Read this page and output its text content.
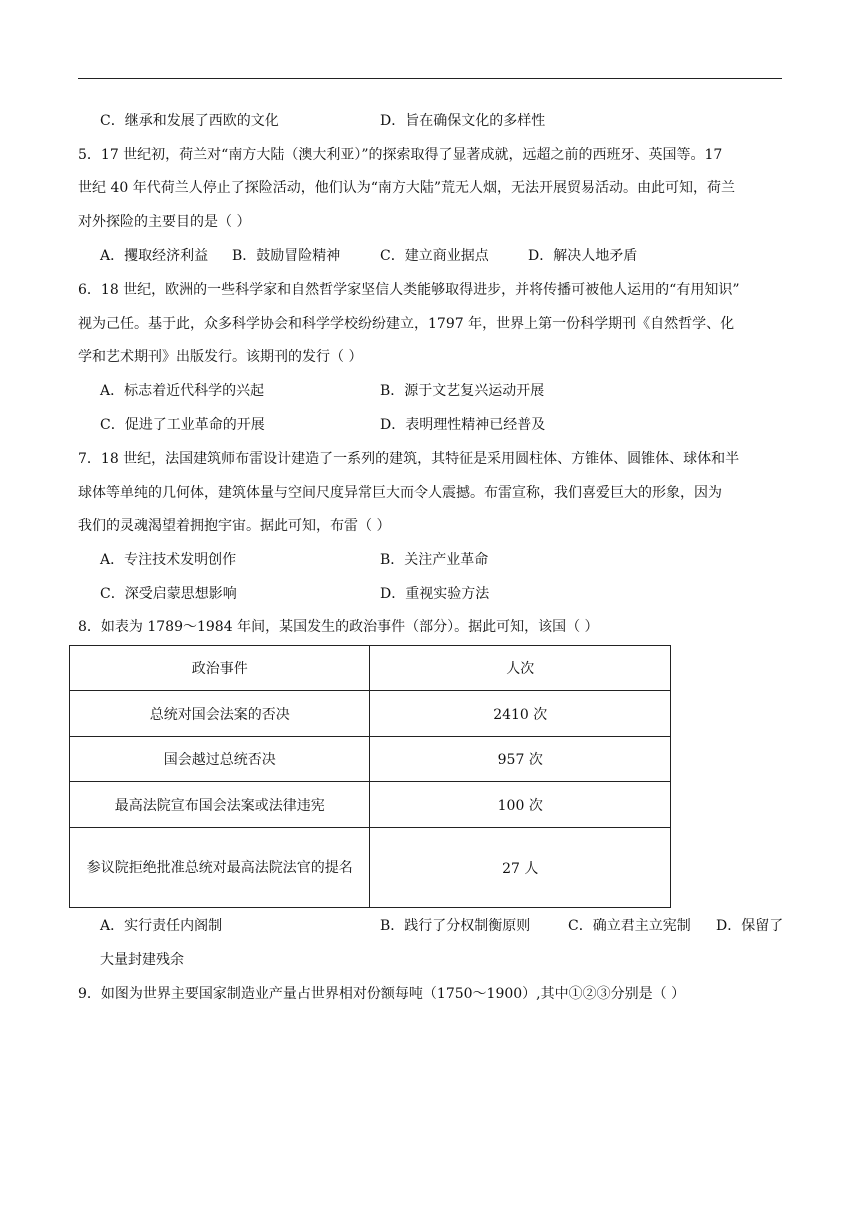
C．继承和发展了西欧的文化	D．旨在确保文化的多样性
5．17 世纪初，荷兰对“南方大陆（澳大利亚）”的探索取得了显著成就，远超之前的西班牙、英国等。17
世纪 40 年代荷兰人停止了探险活动，他们认为“南方大陆”荒无人烟，无法开展贸易活动。由此可知，荷兰
对外探险的主要目的是（ ）
A．攫取经济利益 B．鼓励冒险精神	C．建立商业据点	D．解决人地矛盾
6．18 世纪，欧洲的一些科学家和自然哲学家坚信人类能够取得进步，并将传播可被他人运用的“有用知识”
视为己任。基于此，众多科学协会和科学学校纷纷建立，1797 年，世界上第一份科学期刊《自然哲学、化
学和艺术期刊》出版发行。该期刊的发行（ ）
A．标志着近代科学的兴起	B．源于文艺复兴运动开展
C．促进了工业革命的开展	D．表明理性精神已经普及
7．18 世纪，法国建筑师布雷设计建造了一系列的建筑，其特征是采用圆柱体、方锥体、圆锥体、球体和半
球体等单纯的几何体，建筑体量与空间尺度异常巨大而令人震撼。布雷宣称，我们喜爱巨大的形象，因为
我们的灵魂渴望着拥抱宇宙。据此可知，布雷（ ）
A．专注技术发明创作	B．关注产业革命
C．深受启蒙思想影响	D．重视实验方法
8．如表为 1789～1984 年间，某国发生的政治事件（部分）。据此可知，该国（ ）
政治事件	人次
总统对国会法案的否决	2410 次
国会越过总统否决	957 次
最高法院宣布国会法案或法律违宪	100 次
参议院拒绝批准总统对最高法院法官的提名	27 人
A．实行责任内阁制	B．践行了分权制衡原则	C．确立君主立宪制 D．保留了
大量封建残余
9．如图为世界主要国家制造业产量占世界相对份额每吨（1750～1900）,其中①②③分别是（ ）
